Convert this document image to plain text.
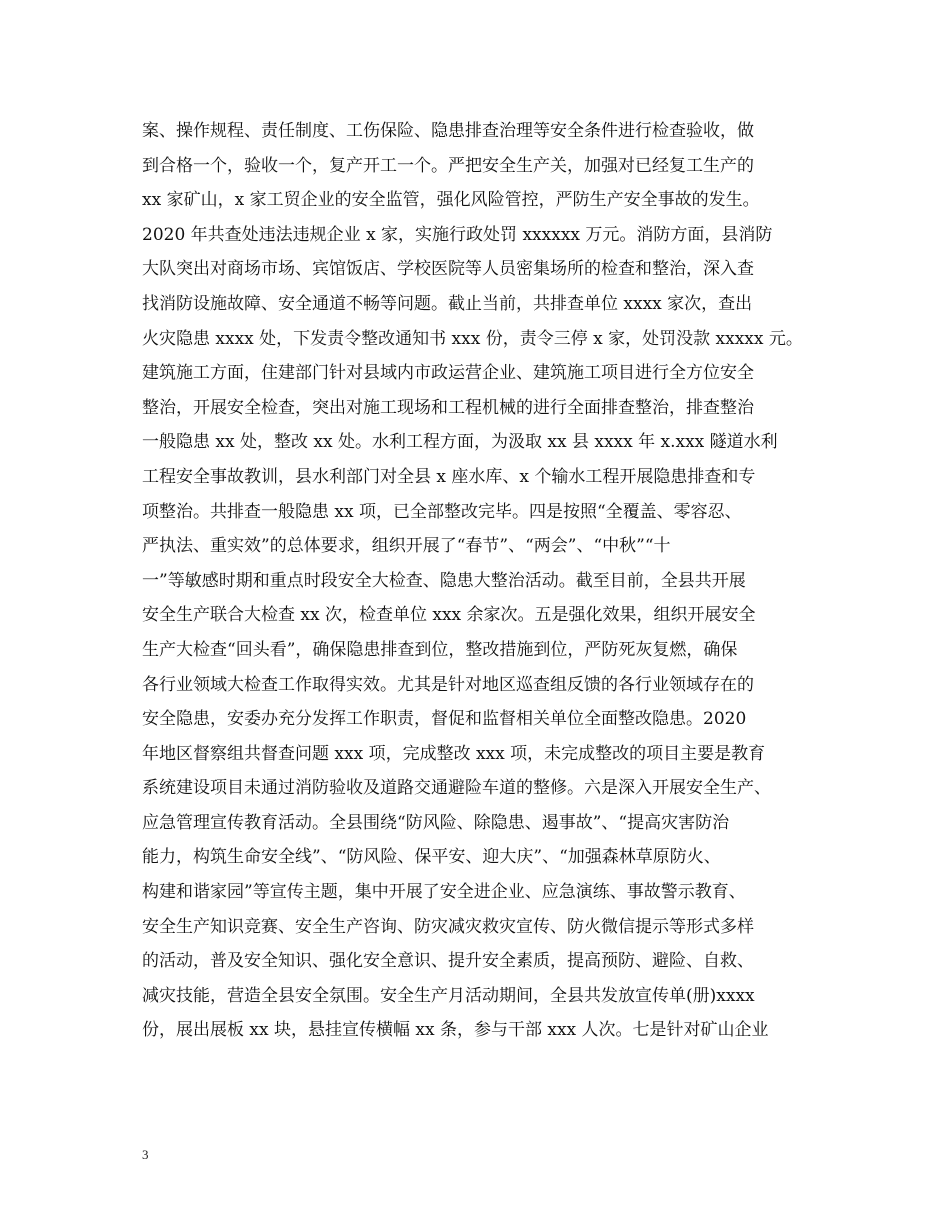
案、操作规程、责任制度、工伤保险、隐患排查治理等安全条件进行检查验收，做
到合格一个，验收一个，复产开工一个。严把安全生产关，加强对已经复工生产的
xx 家矿山，x 家工贸企业的安全监管，强化风险管控，严防生产安全事故的发生。
2020 年共查处违法违规企业 x 家，实施行政处罚 xxxxxx 万元。消防方面，县消防
大队突出对商场市场、宾馆饭店、学校医院等人员密集场所的检查和整治，深入查
找消防设施故障、安全通道不畅等问题。截止当前，共排查单位 xxxx 家次，查出
火灾隐患 xxxx 处，下发责令整改通知书 xxx 份，责令三停 x 家，处罚没款 xxxxx 元。
建筑施工方面，住建部门针对县域内市政运营企业、建筑施工项目进行全方位安全
整治，开展安全检查，突出对施工现场和工程机械的进行全面排查整治，排查整治
一般隐患 xx 处，整改 xx 处。水利工程方面，为汲取 xx 县 xxxx 年 x.xxx 隧道水利
工程安全事故教训，县水利部门对全县 x 座水库、x 个输水工程开展隐患排查和专
项整治。共排查一般隐患 xx 项，已全部整改完毕。四是按照“全覆盖、零容忍、
严执法、重实效”的总体要求，组织开展了“春节”、“两会”、“中秋”“十
一”等敏感时期和重点时段安全大检查、隐患大整治活动。截至目前，全县共开展
安全生产联合大检查 xx 次，检查单位 xxx 余家次。五是强化效果，组织开展安全
生产大检查“回头看”，确保隐患排查到位，整改措施到位，严防死灰复燃，确保
各行业领域大检查工作取得实效。尤其是针对地区巡查组反馈的各行业领域存在的
安全隐患，安委办充分发挥工作职责，督促和监督相关单位全面整改隐患。2020
年地区督察组共督查问题 xxx 项，完成整改 xxx 项，未完成整改的项目主要是教育
系统建设项目未通过消防验收及道路交通避险车道的整修。六是深入开展安全生产、
应急管理宣传教育活动。全县围绕“防风险、除隐患、遏事故”、“提高灾害防治
能力，构筑生命安全线”、“防风险、保平安、迎大庆”、“加强森林草原防火、
构建和谐家园”等宣传主题，集中开展了安全进企业、应急演练、事故警示教育、
安全生产知识竞赛、安全生产咨询、防灾减灾救灾宣传、防火微信提示等形式多样
的活动，普及安全知识、强化安全意识、提升安全素质，提高预防、避险、自救、
减灾技能，营造全县安全氛围。安全生产月活动期间，全县共发放宣传单(册)xxxx
份，展出展板 xx 块，悬挂宣传横幅 xx 条，参与干部 xxx 人次。七是针对矿山企业
3
